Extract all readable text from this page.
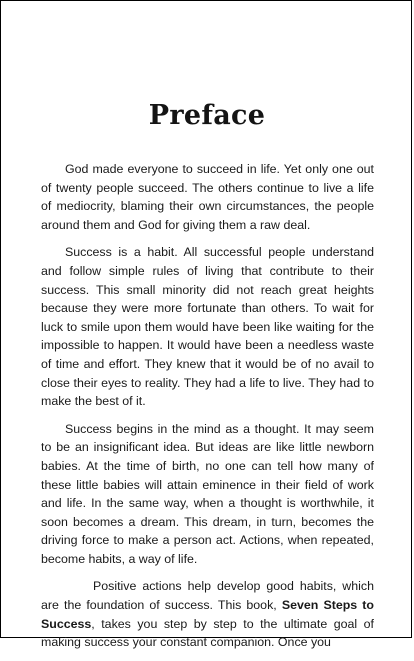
Preface

God made everyone to succeed in life. Yet only one out of twenty people succeed. The others continue to live a life of mediocrity, blaming their own circumstances, the people around them and God for giving them a raw deal.

Success is a habit. All successful people understand and follow simple rules of living that contribute to their success. This small minority did not reach great heights because they were more fortunate than others. To wait for luck to smile upon them would have been like waiting for the impossible to happen. It would have been a needless waste of time and effort. They knew that it would be of no avail to close their eyes to reality. They had a life to live. They had to make the best of it.

Success begins in the mind as a thought. It may seem to be an insignificant idea. But ideas are like little newborn babies. At the time of birth, no one can tell how many of these little babies will attain eminence in their field of work and life. In the same way, when a thought is worthwhile, it soon becomes a dream. This dream, in turn, becomes the driving force to make a person act. Actions, when repeated, become habits, a way of life.

Positive actions help develop good habits, which are the foundation of success. This book, Seven Steps to Success, takes you step by step to the ultimate goal of making success your constant companion. Once you
